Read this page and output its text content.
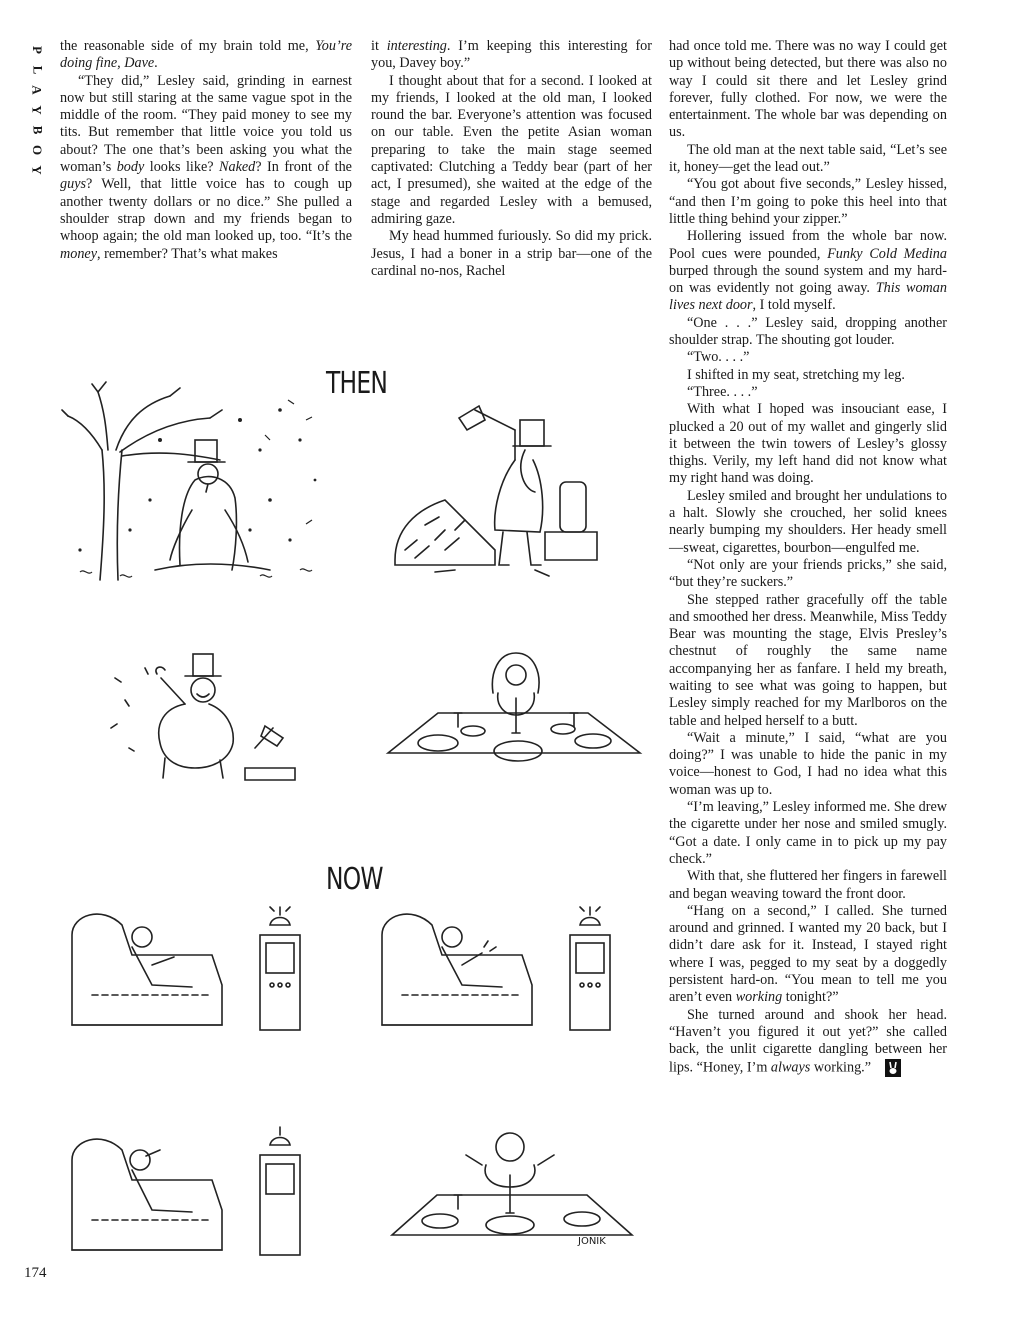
P
L
A
Y
B
O
Y

the reasonable side of my brain told me, You’re doing fine, Dave.

“They did,” Lesley said, grinding in earnest now but still staring at the same vague spot in the middle of the room. “They paid money to see my tits. But remember that little voice you told us about? The one that’s been asking you what the woman’s body looks like? Naked? In front of the guys? Well, that little voice has to cough up another twenty dollars or no dice.” She pulled a shoulder strap down and my friends began to whoop again; the old man looked up, too. “It’s the money, remember? That’s what makes

it interesting. I’m keeping this interesting for you, Davey boy.”

I thought about that for a second. I looked at my friends, I looked at the old man, I looked round the bar. Everyone’s attention was focused on our table. Even the petite Asian woman preparing to take the main stage seemed captivated: Clutching a Teddy bear (part of her act, I presumed), she waited at the edge of the stage and regarded Lesley with a bemused, admiring gaze.

My head hummed furiously. So did my prick. Jesus, I had a boner in a strip bar—one of the cardinal no-nos, Rachel

had once told me. There was no way I could get up without being detected, but there was also no way I could sit there and let Lesley grind forever, fully clothed. For now, we were the entertainment. The whole bar was depending on us.

The old man at the next table said, “Let’s see it, honey—get the lead out.”

“You got about five seconds,” Lesley hissed, “and then I’m going to poke this heel into that little thing behind your zipper.”

Hollering issued from the whole bar now. Pool cues were pounded, Funky Cold Medina burped through the sound system and my hard-on was evidently not going away. This woman lives next door, I told myself.

“One . . .” Lesley said, dropping another shoulder strap. The shouting got louder.

“Two. . . .”

I shifted in my seat, stretching my leg.

“Three. . . .”

With what I hoped was insouciant ease, I plucked a 20 out of my wallet and gingerly slid it between the twin towers of Lesley’s glossy thighs. Verily, my left hand did not know what my right hand was doing.

Lesley smiled and brought her undulations to a halt. Slowly she crouched, her solid knees nearly bumping my shoulders. Her heady smell—sweat, cigarettes, bourbon—engulfed me.

“Not only are your friends pricks,” she said, “but they’re suckers.”

She stepped rather gracefully off the table and smoothed her dress. Meanwhile, Miss Teddy Bear was mounting the stage, Elvis Presley’s chestnut of roughly the same name accompanying her as fanfare. I held my breath, waiting to see what was going to happen, but Lesley simply reached for my Marlboros on the table and helped herself to a butt.

“Wait a minute,” I said, “what are you doing?” I was unable to hide the panic in my voice—honest to God, I had no idea what this woman was up to.

“I’m leaving,” Lesley informed me. She drew the cigarette under her nose and smiled smugly. “Got a date. I only came in to pick up my pay check.”

With that, she fluttered her fingers in farewell and began weaving toward the front door.

“Hang on a second,” I called. She turned around and grinned. I wanted my 20 back, but I didn’t dare ask for it. Instead, I stayed right where I was, pegged to my seat by a doggedly persistent hard-on. “You mean to tell me you aren’t even working tonight?”

She turned around and shook her head. “Haven’t you figured it out yet?” she called back, the unlit cigarette dangling between her lips. “Honey, I’m always working.”

THEN
NOW
JONIK
174
